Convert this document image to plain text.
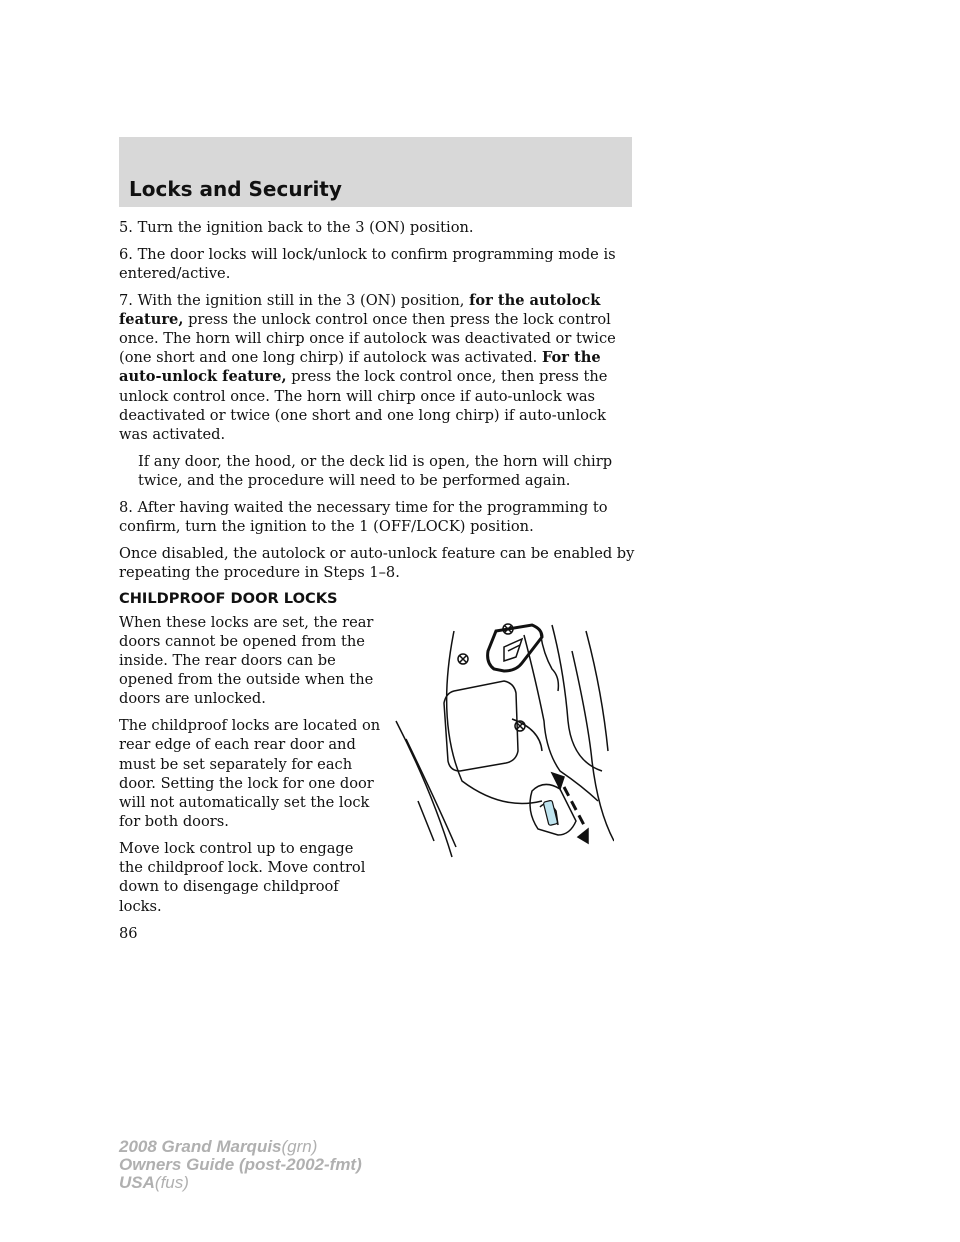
Locks and Security

5. Turn the ignition back to the 3 (ON) position.

6. The door locks will lock/unlock to confirm programming mode is entered/active.

7. With the ignition still in the 3 (ON) position, for the autolock feature, press the unlock control once then press the lock control once. The horn will chirp once if autolock was deactivated or twice (one short and one long chirp) if autolock was activated. For the auto-unlock feature, press the lock control once, then press the unlock control once. The horn will chirp once if auto-unlock was deactivated or twice (one short and one long chirp) if auto-unlock was activated.

If any door, the hood, or the deck lid is open, the horn will chirp twice, and the procedure will need to be performed again.

8. After having waited the necessary time for the programming to confirm, turn the ignition to the 1 (OFF/LOCK) position.

Once disabled, the autolock or auto-unlock feature can be enabled by repeating the procedure in Steps 1–8.

CHILDPROOF DOOR LOCKS

When these locks are set, the rear doors cannot be opened from the inside. The rear doors can be opened from the outside when the doors are unlocked.

The childproof locks are located on rear edge of each rear door and must be set separately for each door. Setting the lock for one door will not automatically set the lock for both doors.

Move lock control up to engage the childproof lock. Move control down to disengage childproof locks.

86

2008 Grand Marquis(grn)
Owners Guide (post-2002-fmt)
USA(fus)
